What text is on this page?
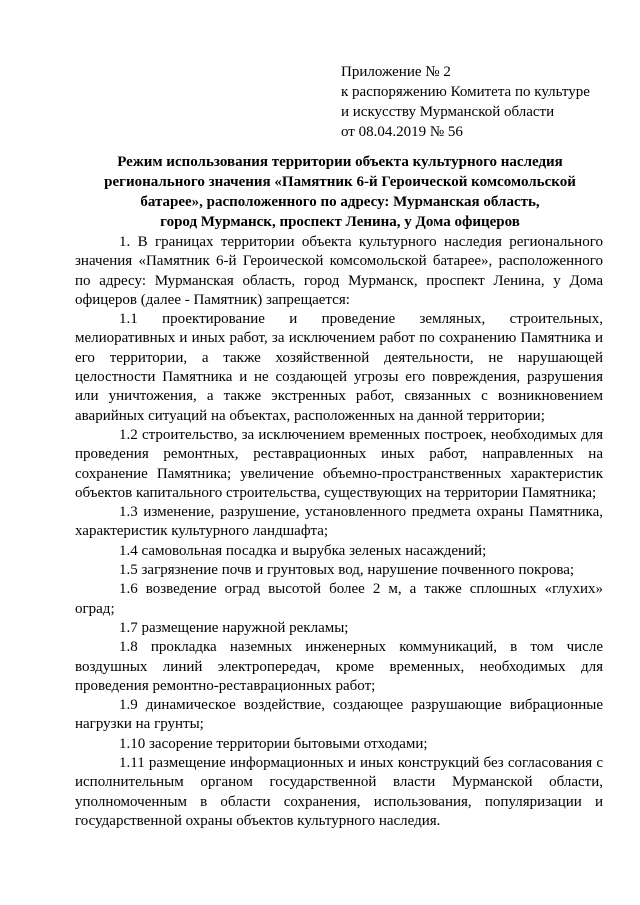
Приложение № 2
к распоряжению Комитета по культуре
и искусству Мурманской области
от 08.04.2019 № 56
Режим использования территории объекта культурного наследия
регионального значения «Памятник 6-й Героической комсомольской
батарее», расположенного по адресу: Мурманская область,
город Мурманск, проспект Ленина, у Дома офицеров

1. В границах территории объекта культурного наследия регионального значения «Памятник 6-й Героической комсомольской батарее», расположенного по адресу: Мурманская область, город Мурманск, проспект Ленина, у Дома офицеров (далее - Памятник) запрещается:

1.1 проектирование и проведение земляных, строительных, мелиоративных и иных работ, за исключением работ по сохранению Памятника и его территории, а также хозяйственной деятельности, не нарушающей целостности Памятника и не создающей угрозы его повреждения, разрушения или уничтожения, а также экстренных работ, связанных с возникновением аварийных ситуаций на объектах, расположенных на данной территории;

1.2 строительство, за исключением временных построек, необходимых для проведения ремонтных, реставрационных иных работ, направленных на сохранение Памятника; увеличение объемно-пространственных характеристик объектов капитального строительства, существующих на территории Памятника;

1.3 изменение, разрушение, установленного предмета охраны Памятника, характеристик культурного ландшафта;

1.4 самовольная посадка и вырубка зеленых насаждений;

1.5 загрязнение почв и грунтовых вод, нарушение почвенного покрова;

1.6 возведение оград высотой более 2 м, а также сплошных «глухих» оград;

1.7 размещение наружной рекламы;

1.8 прокладка наземных инженерных коммуникаций, в том числе воздушных линий электропередач, кроме временных, необходимых для проведения ремонтно-реставрационных работ;

1.9 динамическое воздействие, создающее разрушающие вибрационные нагрузки на грунты;

1.10 засорение территории бытовыми отходами;

1.11 размещение информационных и иных конструкций без согласования с исполнительным органом государственной власти Мурманской области, уполномоченным в области сохранения, использования, популяризации и государственной охраны объектов культурного наследия.
